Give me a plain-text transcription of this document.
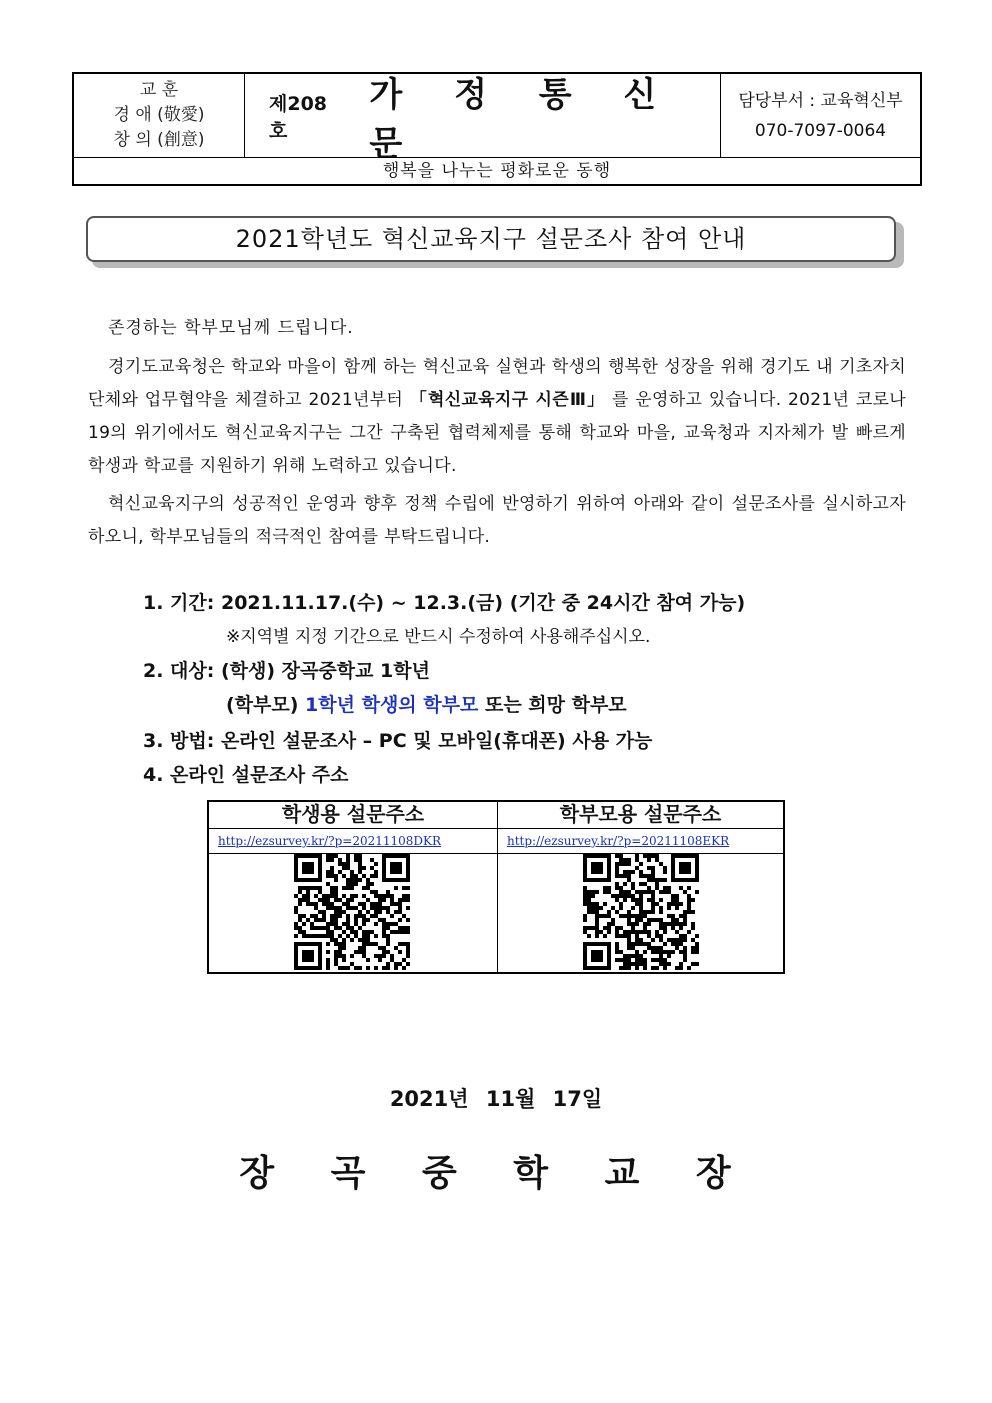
교 훈
경 애 (敬愛)
창 의 (創意)
제208호
가 정 통 신 문
담당부서 : 교육혁신부
070-7097-0064
행복을 나누는 평화로운 동행
2021학년도 혁신교육지구 설문조사 참여 안내
존경하는 학부모님께 드립니다.
경기도교육청은 학교와 마을이 함께 하는 혁신교육 실현과 학생의 행복한 성장을 위해 경기도 내 기초자치단체와 업무협약을 체결하고 2021년부터 「혁신교육지구 시즌Ⅲ」 를 운영하고 있습니다. 2021년 코로나19의 위기에서도 혁신교육지구는 그간 구축된 협력체제를 통해 학교와 마을, 교육청과 지자체가 발 빠르게 학생과 학교를 지원하기 위해 노력하고 있습니다.
혁신교육지구의 성공적인 운영과 향후 정책 수립에 반영하기 위하여 아래와 같이 설문조사를 실시하고자 하오니, 학부모님들의 적극적인 참여를 부탁드립니다.
1. 기간: 2021.11.17.(수) ~ 12.3.(금) (기간 중 24시간 참여 가능)
※지역별 지정 기간으로 반드시 수정하여 사용해주십시오.
2. 대상: (학생) 장곡중학교 1학년
(학부모) 1학년 학생의 학부모 또는 희망 학부모
3. 방법: 온라인 설문조사 – PC 및 모바일(휴대폰) 사용 가능
4. 온라인 설문조사 주소
학생용 설문주소
http://ezsurvey.kr/?p=20211108DKR
학부모용 설문주소
http://ezsurvey.kr/?p=20211108EKR
2021년 11월 17일
장 곡 중 학 교 장
